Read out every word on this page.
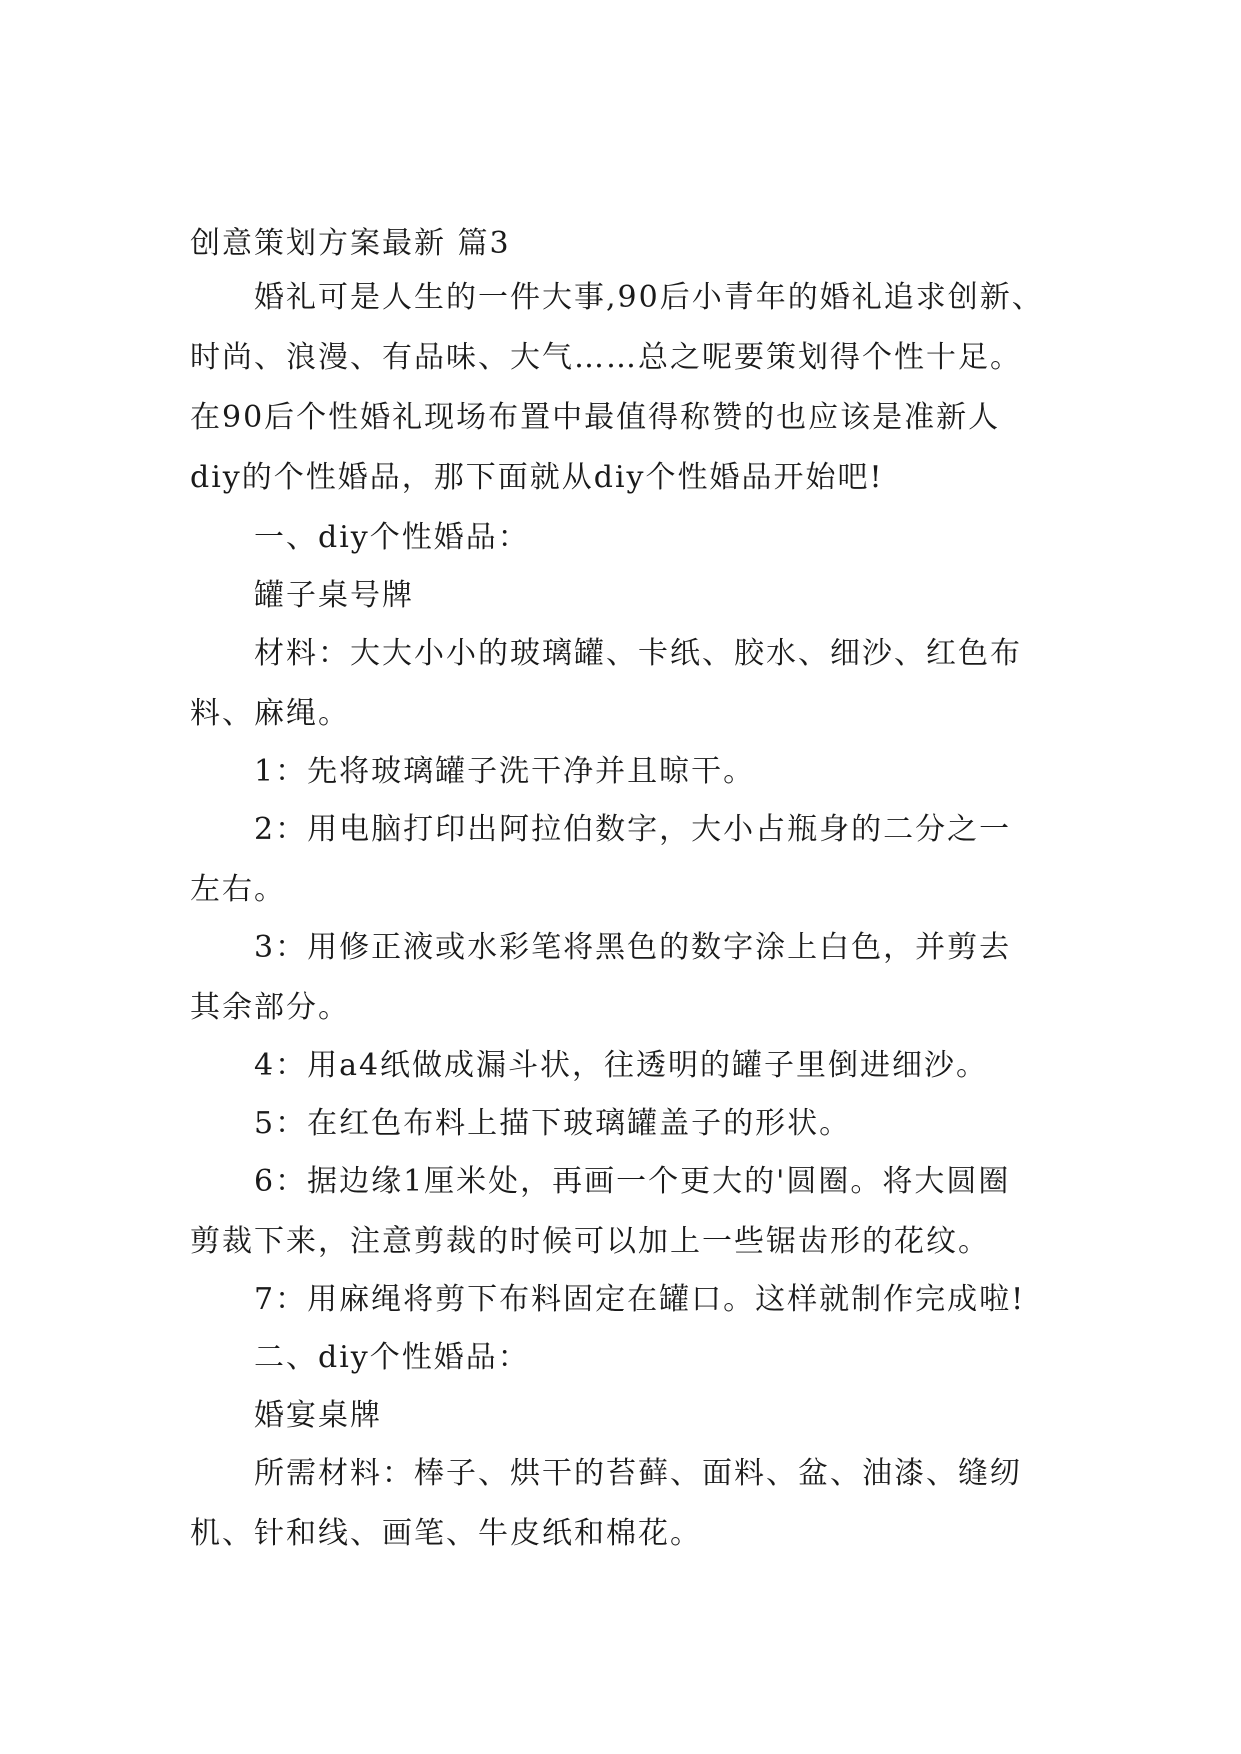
创意策划方案最新 篇3
婚礼可是人生的一件大事,90后小青年的婚礼追求创新、
时尚、浪漫、有品味、大气……总之呢要策划得个性十足。
在90后个性婚礼现场布置中最值得称赞的也应该是准新人
diy的个性婚品，那下面就从diy个性婚品开始吧!
一、diy个性婚品：
罐子桌号牌
材料：大大小小的玻璃罐、卡纸、胶水、细沙、红色布
料、麻绳。
1：先将玻璃罐子洗干净并且晾干。
2：用电脑打印出阿拉伯数字，大小占瓶身的二分之一
左右。
3：用修正液或水彩笔将黑色的数字涂上白色，并剪去
其余部分。
4：用a4纸做成漏斗状，往透明的罐子里倒进细沙。
5：在红色布料上描下玻璃罐盖子的形状。
6：据边缘1厘米处，再画一个更大的'圆圈。将大圆圈
剪裁下来，注意剪裁的时候可以加上一些锯齿形的花纹。
7：用麻绳将剪下布料固定在罐口。这样就制作完成啦!
二、diy个性婚品：
婚宴桌牌
所需材料：棒子、烘干的苔藓、面料、盆、油漆、缝纫
机、针和线、画笔、牛皮纸和棉花。
